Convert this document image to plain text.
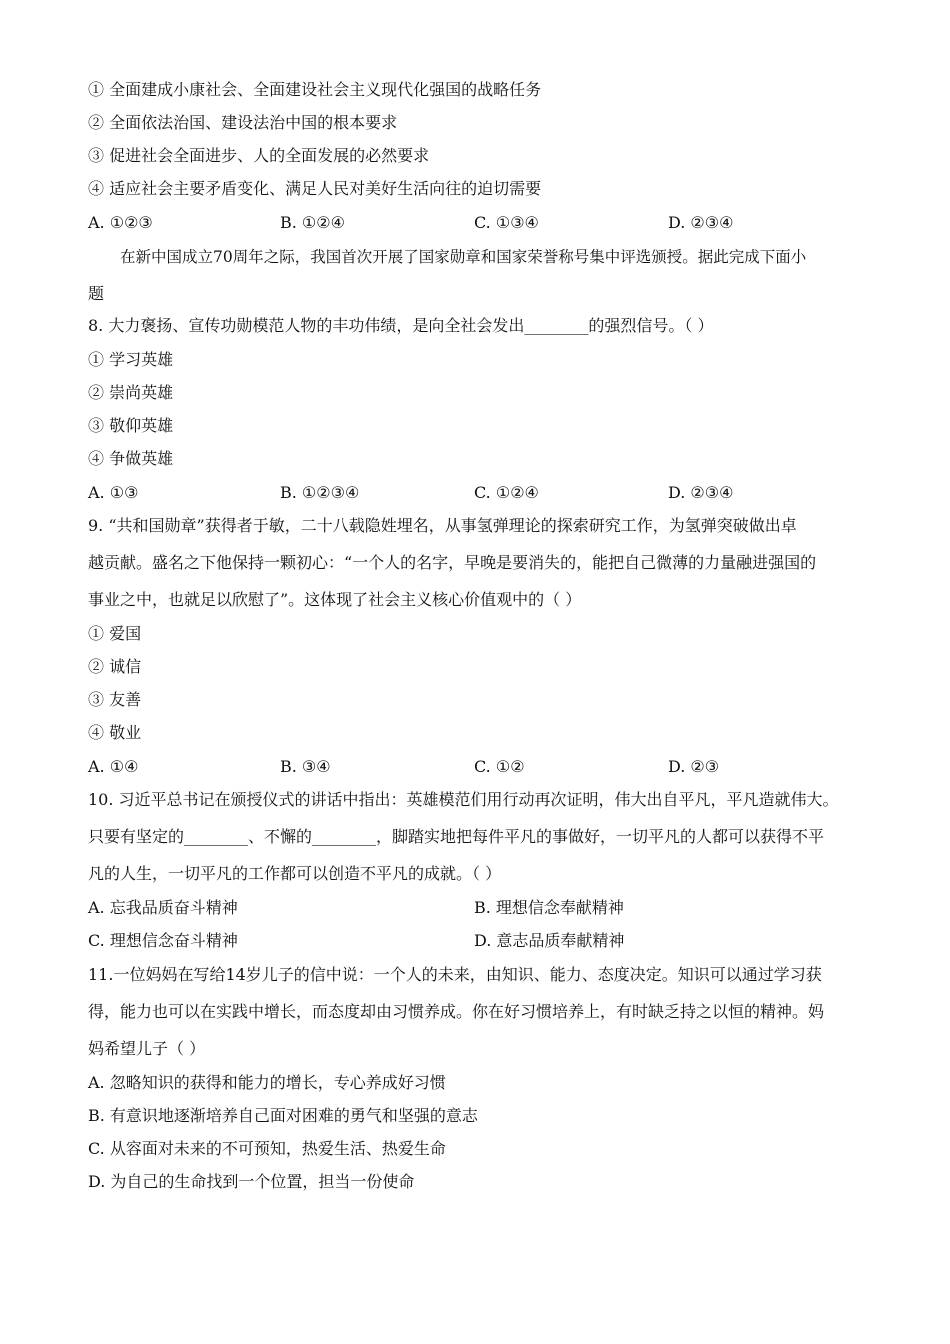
① 全面建成小康社会、全面建设社会主义现代化强国的战略任务
② 全面依法治国、建设法治中国的根本要求
③ 促进社会全面进步、人的全面发展的必然要求
④ 适应社会主要矛盾变化、满足人民对美好生活向往的迫切需要
A. ①②③	B. ①②④	C. ①③④	D. ②③④
在新中国成立70周年之际，我国首次开展了国家勋章和国家荣誉称号集中评选颁授。据此完成下面小
题
8. 大力褒扬、宣传功勋模范人物的丰功伟绩，是向全社会发出________的强烈信号。（ ）
① 学习英雄
② 崇尚英雄
③ 敬仰英雄
④ 争做英雄
A. ①③	B. ①②③④	C. ①②④	D. ②③④
9. “共和国勋章”获得者于敏，二十八载隐姓埋名，从事氢弹理论的探索研究工作，为氢弹突破做出卓
越贡献。盛名之下他保持一颗初心：“一个人的名字，早晚是要消失的，能把自己微薄的力量融进强国的
事业之中，也就足以欣慰了”。这体现了社会主义核心价值观中的（ ）
① 爱国
② 诚信
③ 友善
④ 敬业
A. ①④	B. ③④	C. ①②	D. ②③
10. 习近平总书记在颁授仪式的讲话中指出：英雄模范们用行动再次证明，伟大出自平凡，平凡造就伟大。
只要有坚定的________、不懈的________，脚踏实地把每件平凡的事做好，一切平凡的人都可以获得不平
凡的人生，一切平凡的工作都可以创造不平凡的成就。（ ）
A. 忘我品质奋斗精神	B. 理想信念奉献精神
C. 理想信念奋斗精神	D. 意志品质奉献精神
11.一位妈妈在写给14岁儿子的信中说：一个人的未来，由知识、能力、态度决定。知识可以通过学习获
得，能力也可以在实践中增长，而态度却由习惯养成。你在好习惯培养上，有时缺乏持之以恒的精神。妈
妈希望儿子（ ）
A. 忽略知识的获得和能力的增长，专心养成好习惯
B. 有意识地逐渐培养自己面对困难的勇气和坚强的意志
C. 从容面对未来的不可预知，热爱生活、热爱生命
D. 为自己的生命找到一个位置，担当一份使命
